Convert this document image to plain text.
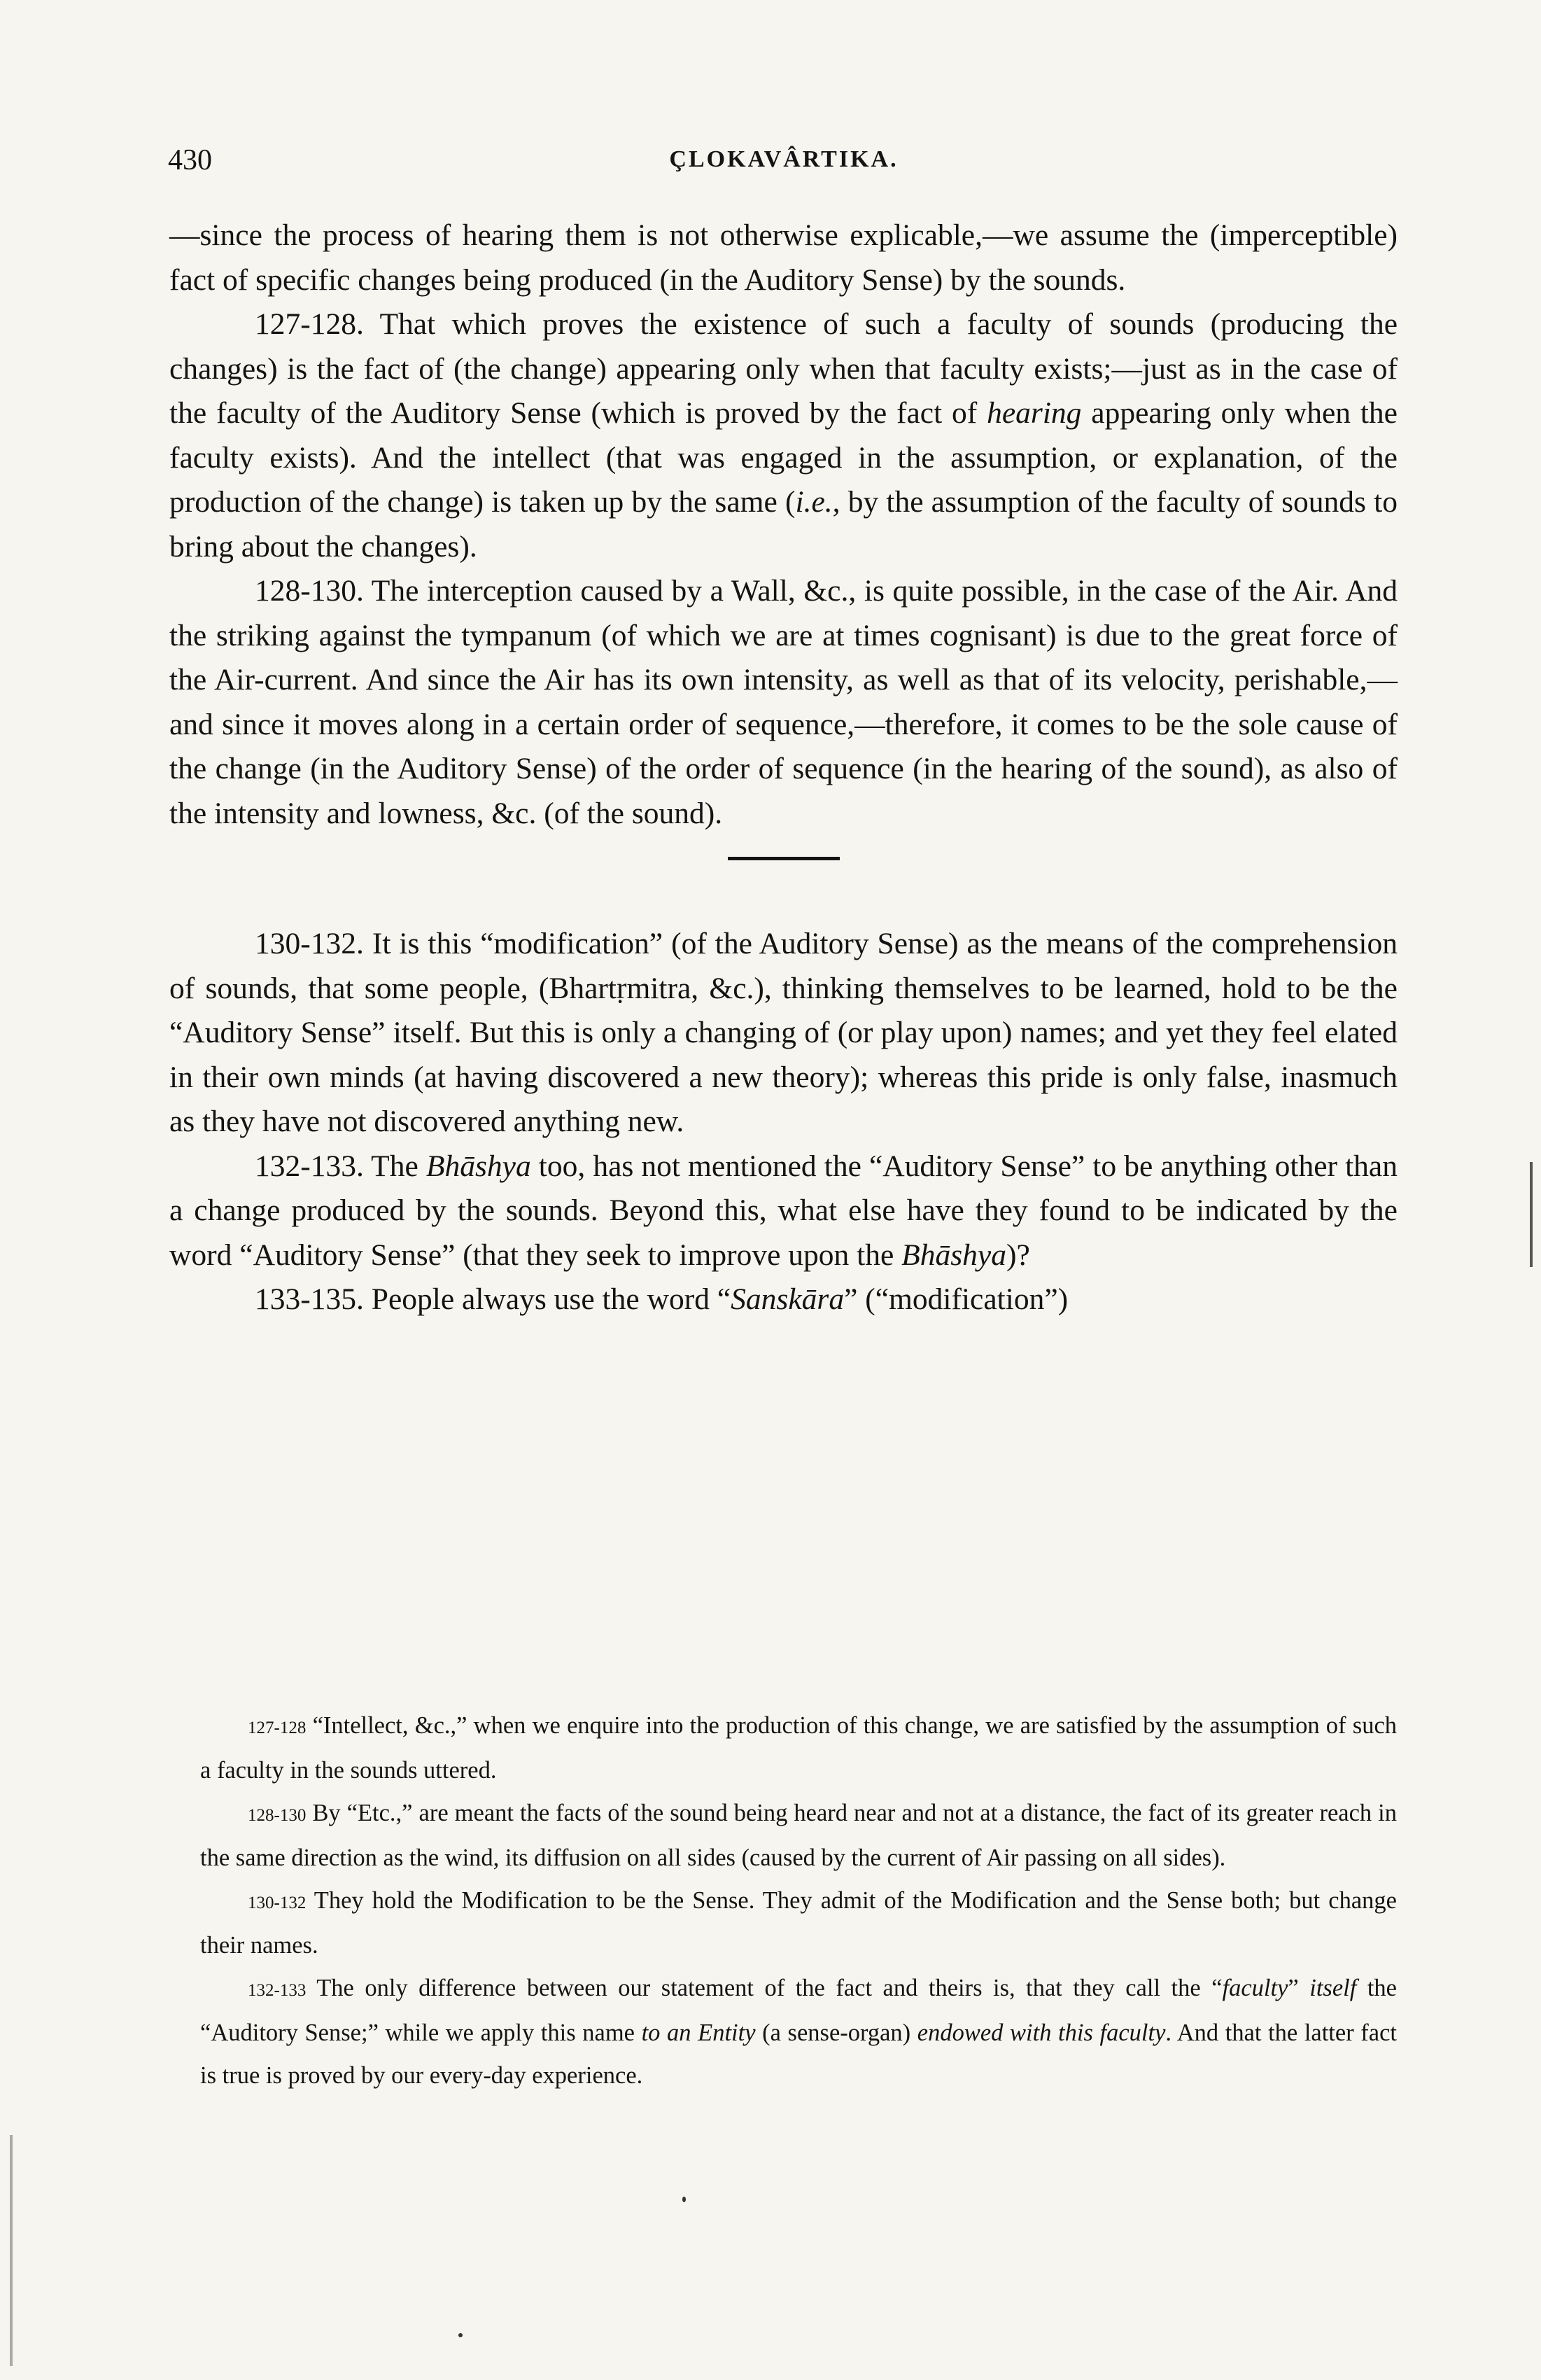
430	ÇLOKAVÂRTIKA.

—since the process of hearing them is not otherwise explicable,—we assume the (imperceptible) fact of specific changes being produced (in the Auditory Sense) by the sounds.

127-128. That which proves the existence of such a faculty of sounds (producing the changes) is the fact of (the change) appearing only when that faculty exists;—just as in the case of the faculty of the Auditory Sense (which is proved by the fact of hearing appearing only when the faculty exists). And the intellect (that was engaged in the assumption, or explanation, of the production of the change) is taken up by the same (i.e., by the assumption of the faculty of sounds to bring about the changes).

128-130. The interception caused by a Wall, &c., is quite possible, in the case of the Air. And the striking against the tympanum (of which we are at times cognisant) is due to the great force of the Air-current. And since the Air has its own intensity, as well as that of its velocity, perishable,—and since it moves along in a certain order of sequence,—therefore, it comes to be the sole cause of the change (in the Auditory Sense) of the order of sequence (in the hearing of the sound), as also of the intensity and lowness, &c. (of the sound).

130-132. It is this “modification” (of the Auditory Sense) as the means of the comprehension of sounds, that some people, (Bhartṛmitra, &c.), thinking themselves to be learned, hold to be the “Auditory Sense” itself. But this is only a changing of (or play upon) names; and yet they feel elated in their own minds (at having discovered a new theory); whereas this pride is only false, inasmuch as they have not discovered anything new.

132-133. The Bhāshya too, has not mentioned the “Auditory Sense” to be anything other than a change produced by the sounds. Beyond this, what else have they found to be indicated by the word “Auditory Sense” (that they seek to improve upon the Bhāshya)?

133-135. People always use the word “Sanskāra” (“modification”)

127-128 “Intellect, &c.,” when we enquire into the production of this change, we are satisfied by the assumption of such a faculty in the sounds uttered.

128-130 By “Etc.,” are meant the facts of the sound being heard near and not at a distance, the fact of its greater reach in the same direction as the wind, its diffusion on all sides (caused by the current of Air passing on all sides).

130-132 They hold the Modification to be the Sense. They admit of the Modification and the Sense both; but change their names.

132-133 The only difference between our statement of the fact and theirs is, that they call the “faculty” itself the “Auditory Sense;” while we apply this name to an Entity (a sense-organ) endowed with this faculty. And that the latter fact is true is proved by our every-day experience.
